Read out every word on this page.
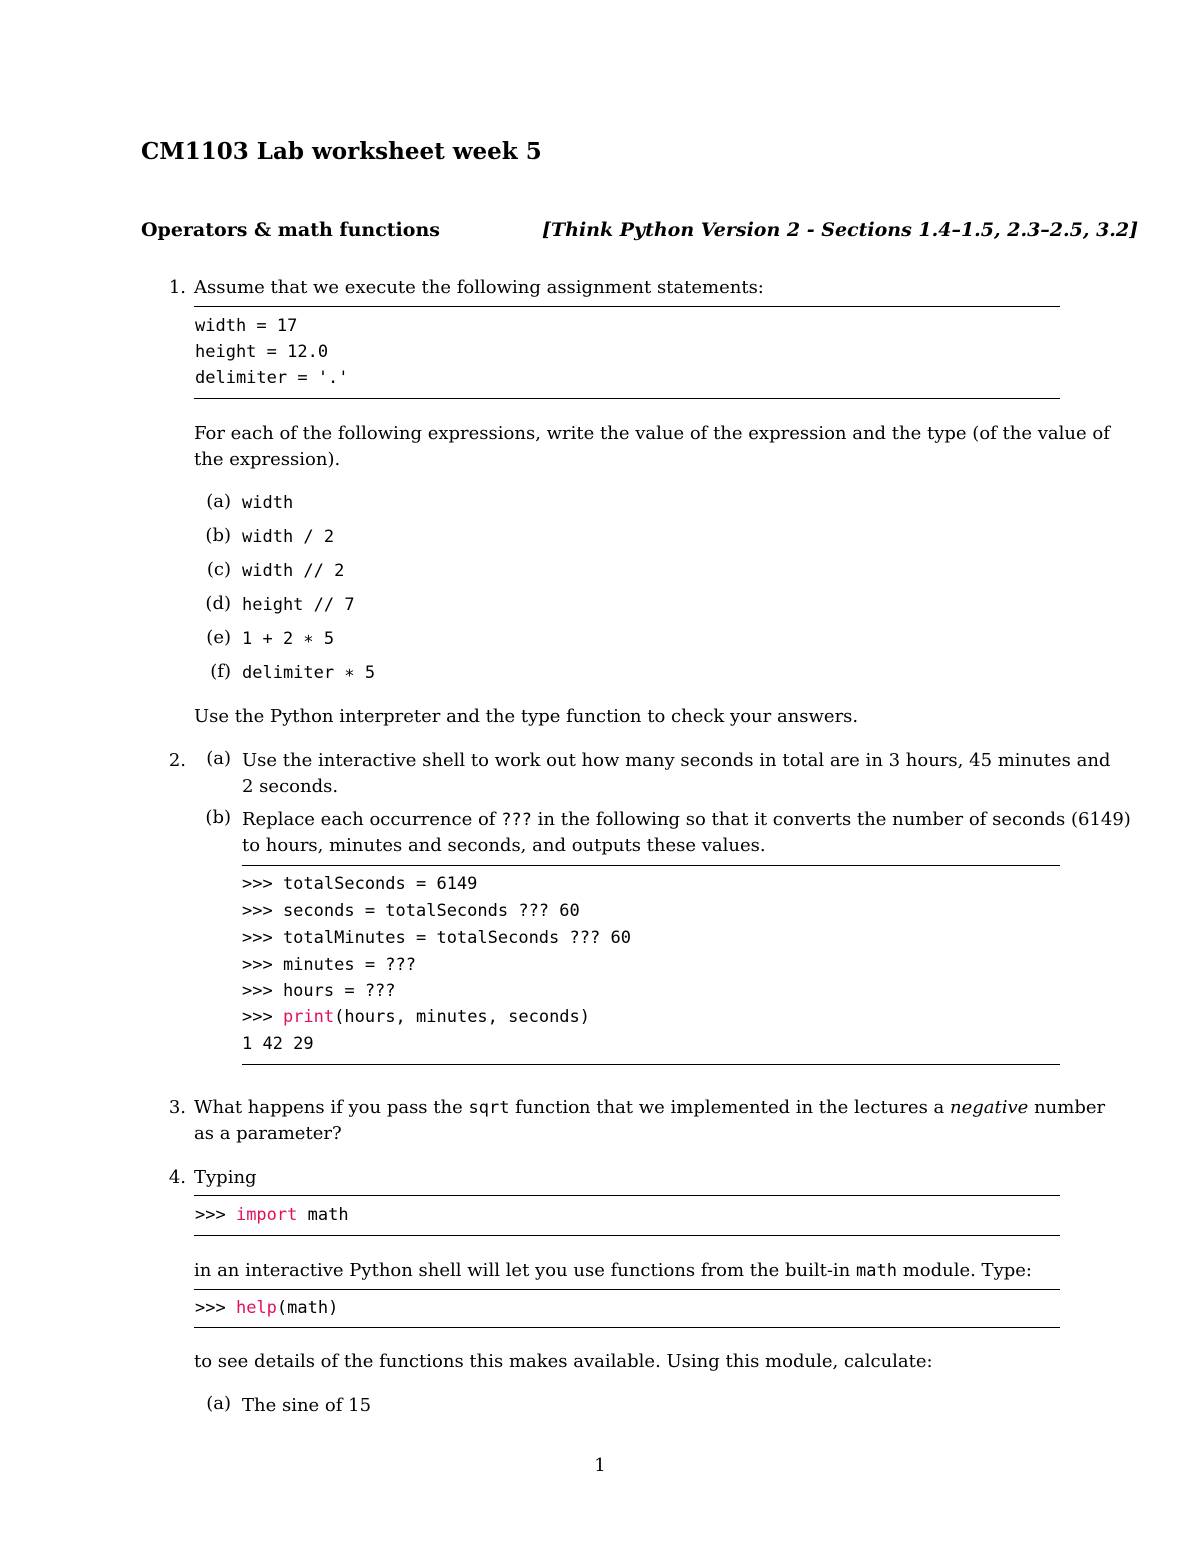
CM1103 Lab worksheet week 5
Operators & math functions	[Think Python Version 2 - Sections 1.4–1.5, 2.3–2.5, 3.2]
1. Assume that we execute the following assignment statements:
width = 17
height = 12.0
delimiter = '.'
For each of the following expressions, write the value of the expression and the type (of the value of
the expression).
(a) width
(b) width / 2
(c) width // 2
(d) height // 7
(e) 1 + 2 ∗ 5
(f) delimiter ∗ 5
Use the Python interpreter and the type function to check your answers.
2.	(a) Use the interactive shell to work out how many seconds in total are in 3 hours, 45 minutes and
2 seconds.
(b) Replace each occurrence of ??? in the following so that it converts the number of seconds (6149)
to hours, minutes and seconds, and outputs these values.
>>> totalSeconds = 6149
>>> seconds = totalSeconds ??? 60
>>> totalMinutes = totalSeconds ??? 60
>>> minutes = ???
>>> hours = ???
>>> print(hours, minutes, seconds)
1 42 29
3. What happens if you pass the sqrt function that we implemented in the lectures a negative number
as a parameter?
4. Typing
>>> import math
in an interactive Python shell will let you use functions from the built-in math module. Type:
>>> help(math)
to see details of the functions this makes available. Using this module, calculate:
(a) The sine of 15
1
